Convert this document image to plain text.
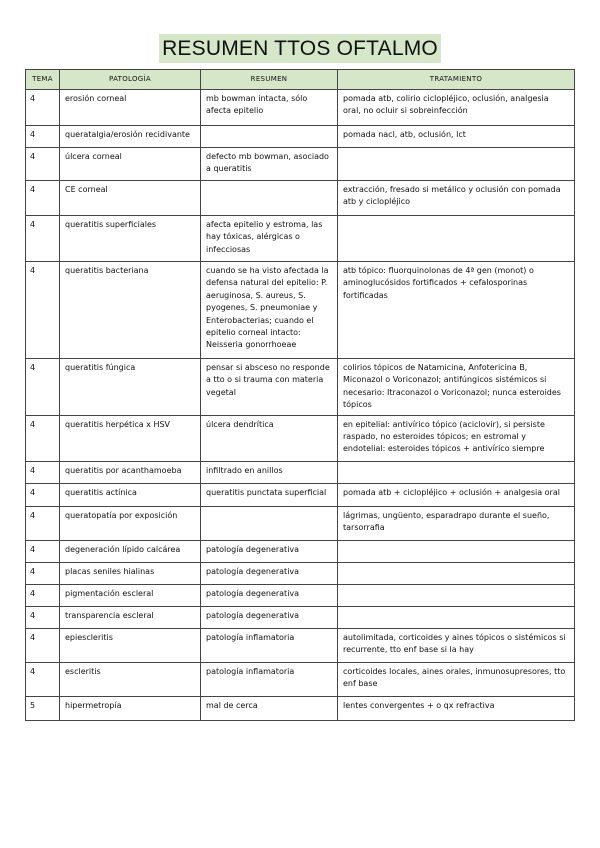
RESUMEN TTOS OFTALMO
TEMA	PATOLOGÍA	RESUMEN	TRATAMIENTO
4	erosión corneal	mb bowman intacta, sólo afecta epitelio	pomada atb, colirio ciclopléjico, oclusión, analgesia oral, no ocluir si sobreinfección
4	queratalgia/erosión recidivante		pomada nacl, atb, oclusión, lct
4	úlcera corneal	defecto mb bowman, asociado a queratitis	
4	CE corneal		extracción, fresado si metálico y oclusión con pomada atb y ciclopléjico
4	queratitis superficiales	afecta epitelio y estroma, las hay tóxicas, alérgicas o infecciosas	
4	queratitis bacteriana	cuando se ha visto afectada la defensa natural del epitelio: P. aeruginosa, S. aureus, S. pyogenes, S. pneumoniae y Enterobacterias; cuando el epitelio corneal intacto: Neisseria gonorrhoeae	atb tópico: fluorquinolonas de 4ª gen (monot) o aminoglucósidos fortificados + cefalosporinas fortificadas
4	queratitis fúngica	pensar si absceso no responde a tto o si trauma con materia vegetal	colirios tópicos de Natamicina, Anfotericina B, Miconazol o Voriconazol; antifúngicos sistémicos si necesario: Itraconazol o Voriconazol; nunca esteroides tópicos
4	queratitis herpética x HSV	úlcera dendrítica	en epitelial: antivírico tópico (aciclovir), si persiste raspado, no esteroides tópicos; en estromal y endotelial: esteroides tópicos + antivírico siempre
4	queratitis por acanthamoeba	infiltrado en anillos	
4	queratitis actínica	queratitis punctata superficial	pomada atb + ciclopléjico + oclusión + analgesia oral
4	queratopatía por exposición		lágrimas, ungüento, esparadrapo durante el sueño, tarsorrafia
4	degeneración lípido calcárea	patología degenerativa	
4	placas seniles hialinas	patología degenerativa	
4	pigmentación escleral	patología degenerativa	
4	transparencia escleral	patología degenerativa	
4	epiescleritis	patología inflamatoria	autolimitada, corticoides y aines tópicos o sistémicos si recurrente, tto enf base si la hay
4	escleritis	patología inflamatoria	corticoides locales, aines orales, inmunosupresores, tto enf base
5	hipermetropía	mal de cerca	lentes convergentes + o qx refractiva
